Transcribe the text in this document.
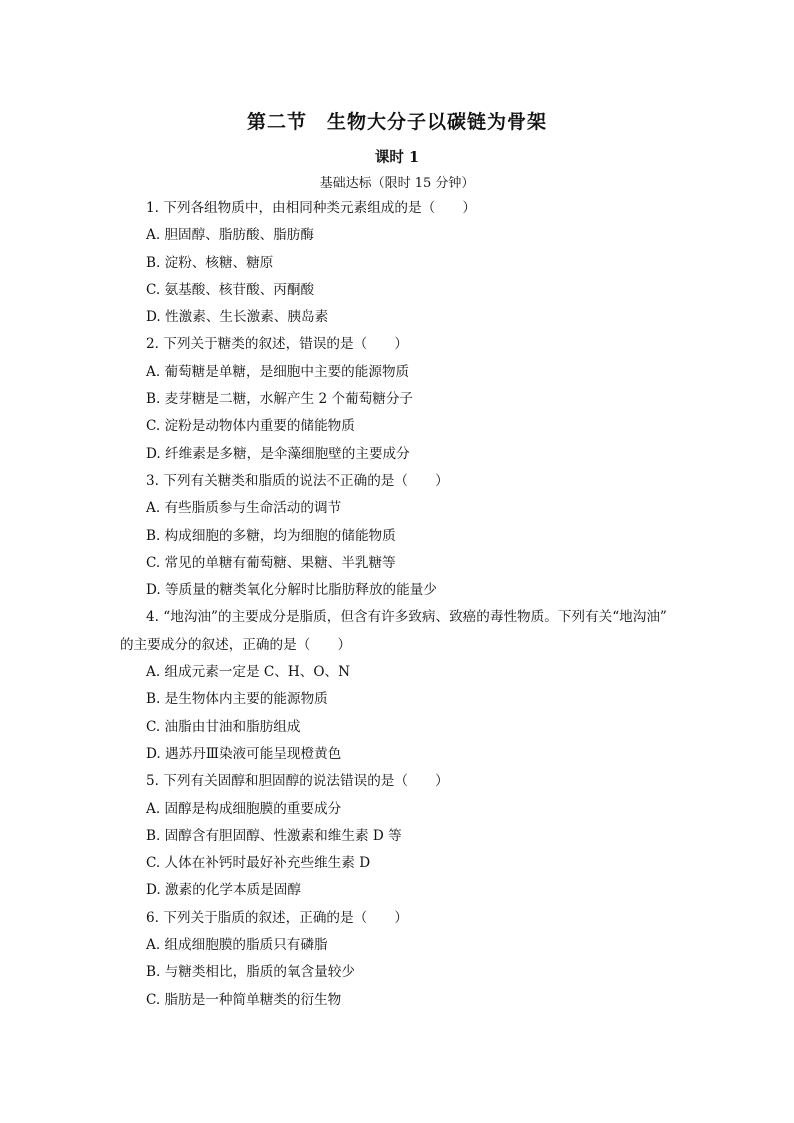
第二节　生物大分子以碳链为骨架
课时 1
基础达标（限时 15 分钟）
1. 下列各组物质中，由相同种类元素组成的是（　　）
A. 胆固醇、脂肪酸、脂肪酶
B. 淀粉、核糖、糖原
C. 氨基酸、核苷酸、丙酮酸
D. 性激素、生长激素、胰岛素
2. 下列关于糖类的叙述，错误的是（　　）
A. 葡萄糖是单糖，是细胞中主要的能源物质
B. 麦芽糖是二糖，水解产生 2 个葡萄糖分子
C. 淀粉是动物体内重要的储能物质
D. 纤维素是多糖，是伞藻细胞壁的主要成分
3. 下列有关糖类和脂质的说法不正确的是（　　）
A. 有些脂质参与生命活动的调节
B. 构成细胞的多糖，均为细胞的储能物质
C. 常见的单糖有葡萄糖、果糖、半乳糖等
D. 等质量的糖类氧化分解时比脂肪释放的能量少
4. “地沟油”的主要成分是脂质，但含有许多致病、致癌的毒性物质。下列有关“地沟油”
的主要成分的叙述，正确的是（　　）
A. 组成元素一定是 C、H、O、N
B. 是生物体内主要的能源物质
C. 油脂由甘油和脂肪组成
D. 遇苏丹Ⅲ染液可能呈现橙黄色
5. 下列有关固醇和胆固醇的说法错误的是（　　）
A. 固醇是构成细胞膜的重要成分
B. 固醇含有胆固醇、性激素和维生素 D 等
C. 人体在补钙时最好补充些维生素 D
D. 激素的化学本质是固醇
6. 下列关于脂质的叙述，正确的是（　　）
A. 组成细胞膜的脂质只有磷脂
B. 与糖类相比，脂质的氧含量较少
C. 脂肪是一种简单糖类的衍生物
